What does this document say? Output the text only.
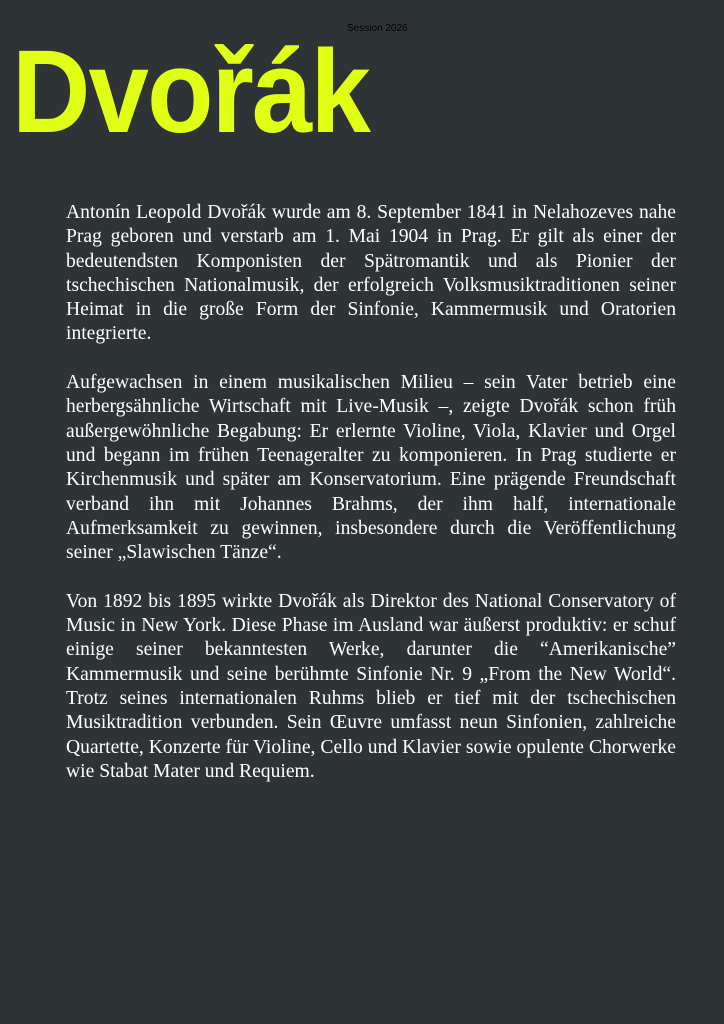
Session 2026

Dvořák

Antonín Leopold Dvořák wurde am 8. September 1841 in Nelahozeves nahe Prag geboren und verstarb am 1. Mai 1904 in Prag. Er gilt als einer der bedeutendsten Komponisten der Spätromantik und als Pionier der tschechischen Nationalmusik, der erfolgreich Volksmusiktraditionen seiner Heimat in die große Form der Sinfonie, Kammermusik und Oratorien integrierte.

Aufgewachsen in einem musikalischen Milieu – sein Vater betrieb eine herbergsähnliche Wirtschaft mit Live-Musik –, zeigte Dvořák schon früh außergewöhnliche Begabung: Er erlernte Violine, Viola, Klavier und Orgel und begann im frühen Teenageralter zu komponieren. In Prag studierte er Kirchenmusik und später am Konservatorium. Eine prägende Freundschaft verband ihn mit Johannes Brahms, der ihm half, internationale Aufmerksamkeit zu gewinnen, insbesondere durch die Veröffentlichung seiner „Slawischen Tänze“.

Von 1892 bis 1895 wirkte Dvořák als Direktor des National Conservatory of Music in New York. Diese Phase im Ausland war äußerst produktiv: er schuf einige seiner bekanntesten Werke, darunter die “Amerikanische” Kammermusik und seine berühmte Sinfonie Nr. 9 „From the New World“. Trotz seines internationalen Ruhms blieb er tief mit der tschechischen Musiktradition verbunden. Sein Œuvre umfasst neun Sinfonien, zahlreiche Quartette, Konzerte für Violine, Cello und Klavier sowie opulente Chorwerke wie Stabat Mater und Requiem.
